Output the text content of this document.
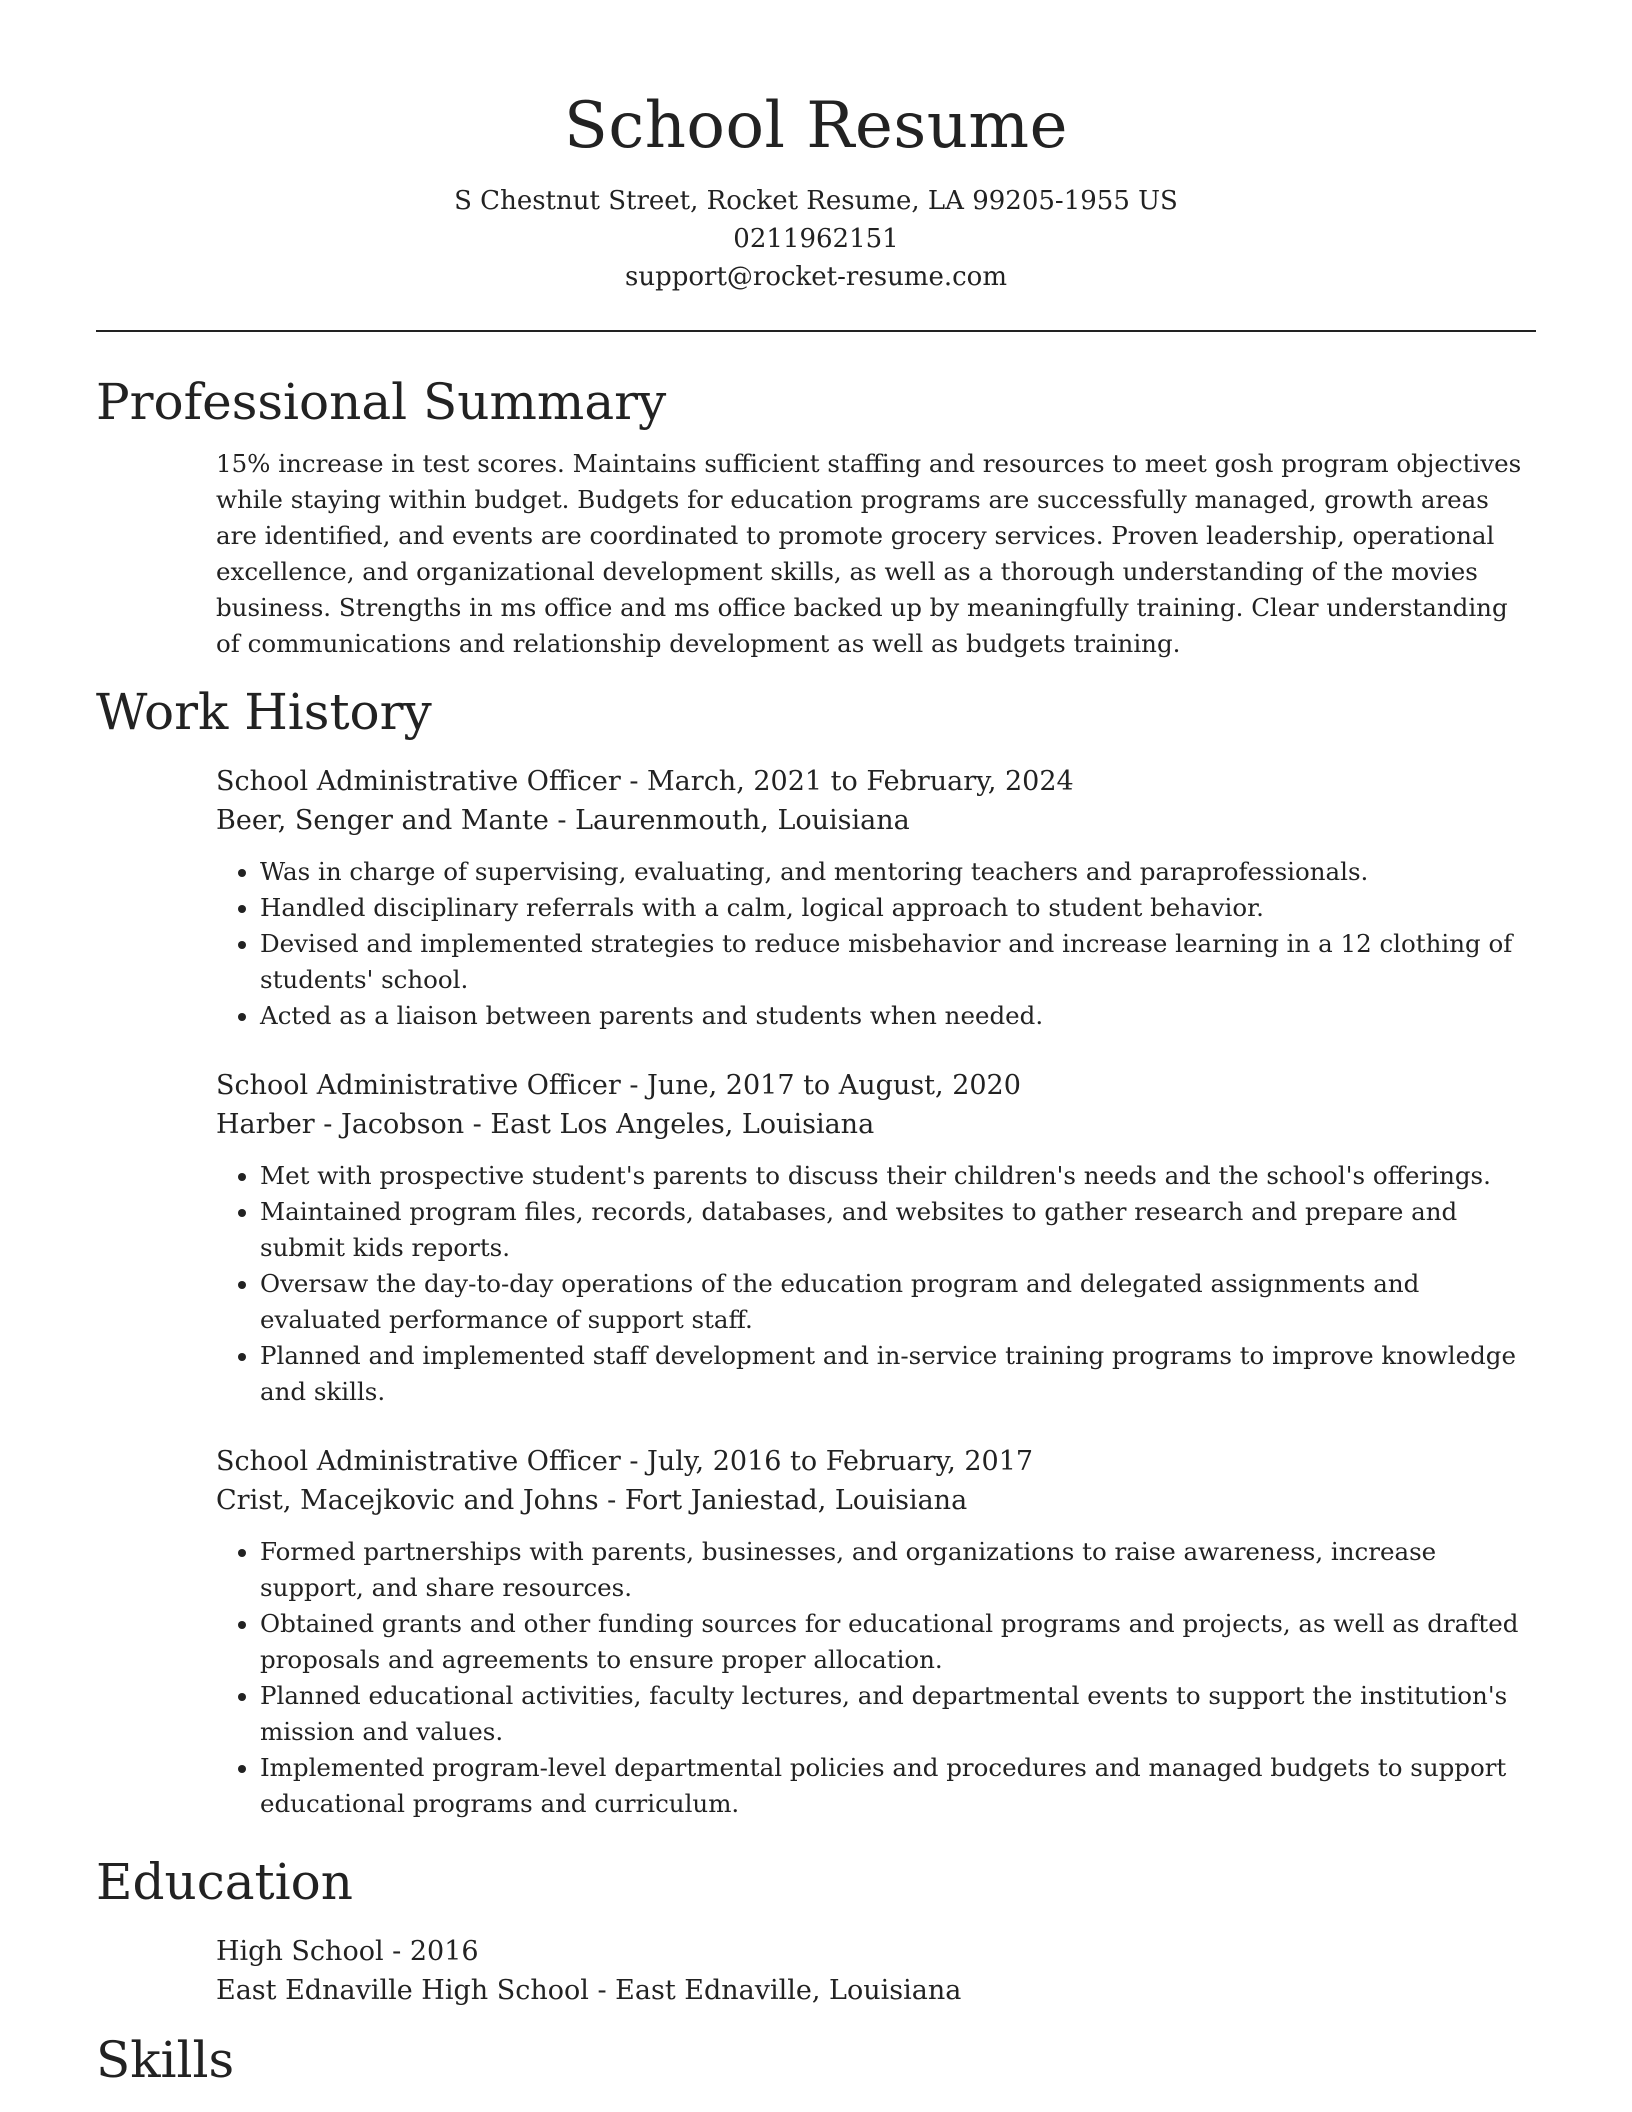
School Resume

S Chestnut Street, Rocket Resume, LA 99205-1955 US

0211962151

support@rocket-resume.com

Professional Summary

15% increase in test scores. Maintains sufficient staffing and resources to meet gosh program objectives while staying within budget. Budgets for education programs are successfully managed, growth areas are identified, and events are coordinated to promote grocery services. Proven leadership, operational excellence, and organizational development skills, as well as a thorough understanding of the movies business. Strengths in ms office and ms office backed up by meaningfully training. Clear understanding of communications and relationship development as well as budgets training.

Work History

School Administrative Officer - March, 2021 to February, 2024

Beer, Senger and Mante - Laurenmouth, Louisiana

• Was in charge of supervising, evaluating, and mentoring teachers and paraprofessionals.
• Handled disciplinary referrals with a calm, logical approach to student behavior.
• Devised and implemented strategies to reduce misbehavior and increase learning in a 12 clothing of students' school.
• Acted as a liaison between parents and students when needed.

School Administrative Officer - June, 2017 to August, 2020

Harber - Jacobson - East Los Angeles, Louisiana

• Met with prospective student's parents to discuss their children's needs and the school's offerings.
• Maintained program files, records, databases, and websites to gather research and prepare and submit kids reports.
• Oversaw the day-to-day operations of the education program and delegated assignments and evaluated performance of support staff.
• Planned and implemented staff development and in-service training programs to improve knowledge and skills.

School Administrative Officer - July, 2016 to February, 2017

Crist, Macejkovic and Johns - Fort Janiestad, Louisiana

• Formed partnerships with parents, businesses, and organizations to raise awareness, increase support, and share resources.
• Obtained grants and other funding sources for educational programs and projects, as well as drafted proposals and agreements to ensure proper allocation.
• Planned educational activities, faculty lectures, and departmental events to support the institution's mission and values.
• Implemented program-level departmental policies and procedures and managed budgets to support educational programs and curriculum.
Education

High School - 2016

East Ednaville High School - East Ednaville, Louisiana

Skills
